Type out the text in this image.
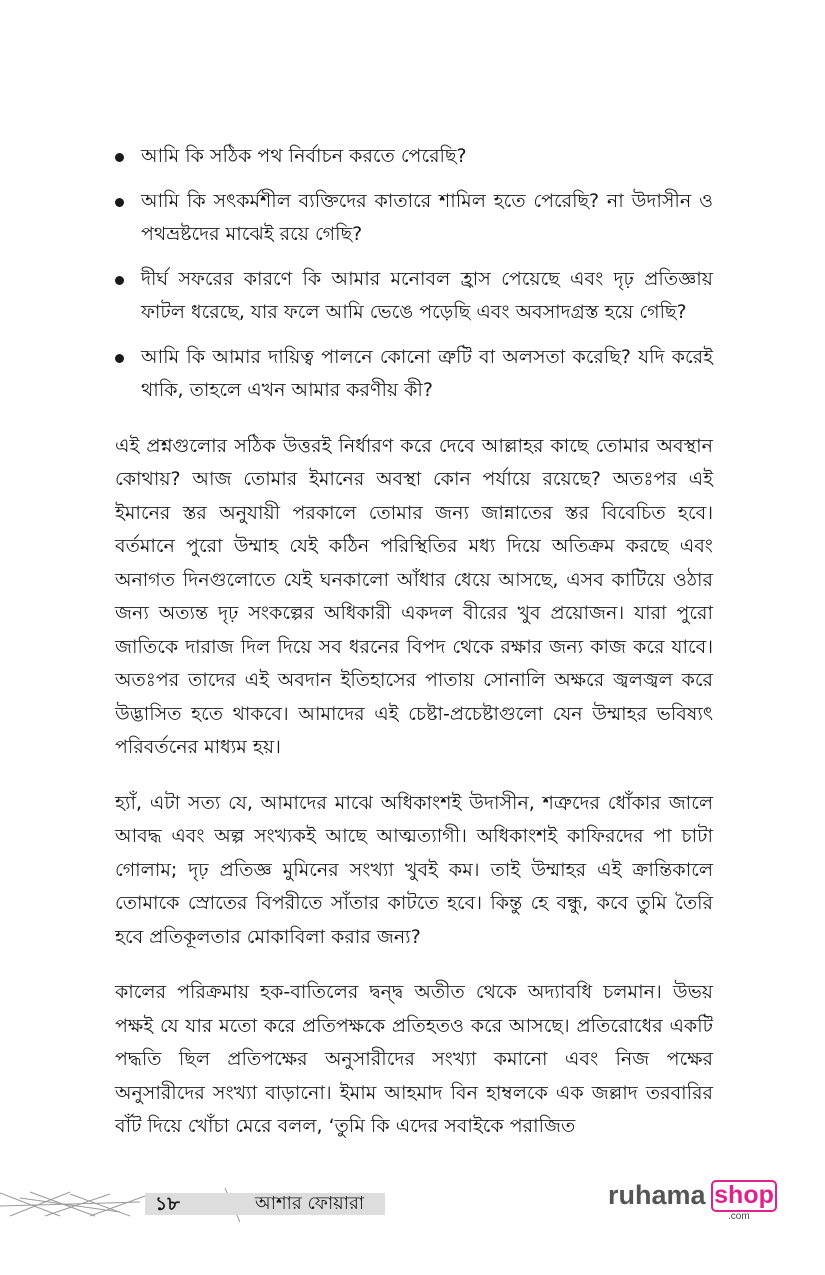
আমি কি সঠিক পথ নির্বাচন করতে পেরেছি?
আমি কি সৎকর্মশীল ব্যক্তিদের কাতারে শামিল হতে পেরেছি? না উদাসীন ও পথভ্রষ্টদের মাঝেই রয়ে গেছি?
দীর্ঘ সফরের কারণে কি আমার মনোবল হ্রাস পেয়েছে এবং দৃঢ় প্রতিজ্ঞায় ফাটল ধরেছে, যার ফলে আমি ভেঙে পড়েছি এবং অবসাদগ্রস্ত হয়ে গেছি?
আমি কি আমার দায়িত্ব পালনে কোনো ত্রুটি বা অলসতা করেছি? যদি করেই থাকি, তাহলে এখন আমার করণীয় কী?

এই প্রশ্নগুলোর সঠিক উত্তরই নির্ধারণ করে দেবে আল্লাহর কাছে তোমার অবস্থান কোথায়? আজ তোমার ইমানের অবস্থা কোন পর্যায়ে রয়েছে? অতঃপর এই ইমানের স্তর অনুযায়ী পরকালে তোমার জন্য জান্নাতের স্তর বিবেচিত হবে। বর্তমানে পুরো উম্মাহ যেই কঠিন পরিস্থিতির মধ্য দিয়ে অতিক্রম করছে এবং অনাগত দিনগুলোতে যেই ঘনকালো আঁধার ধেয়ে আসছে, এসব কাটিয়ে ওঠার জন্য অত্যন্ত দৃঢ় সংকল্পের অধিকারী একদল বীরের খুব প্রয়োজন। যারা পুরো জাতিকে দারাজ দিল দিয়ে সব ধরনের বিপদ থেকে রক্ষার জন্য কাজ করে যাবে। অতঃপর তাদের এই অবদান ইতিহাসের পাতায় সোনালি অক্ষরে জ্বলজ্বল করে উদ্ভাসিত হতে থাকবে। আমাদের এই চেষ্টা-প্রচেষ্টাগুলো যেন উম্মাহর ভবিষ্যৎ পরিবর্তনের মাধ্যম হয়।

হ্যাঁ, এটা সত্য যে, আমাদের মাঝে অধিকাংশই উদাসীন, শত্রুদের ধোঁকার জালে আবদ্ধ এবং অল্প সংখ্যকই আছে আত্মত্যাগী। অধিকাংশই কাফিরদের পা চাটা গোলাম; দৃঢ় প্রতিজ্ঞ মুমিনের সংখ্যা খুবই কম। তাই উম্মাহর এই ক্রান্তিকালে তোমাকে স্রোতের বিপরীতে সাঁতার কাটতে হবে। কিন্তু হে বন্ধু, কবে তুমি তৈরি হবে প্রতিকূলতার মোকাবিলা করার জন্য?

কালের পরিক্রমায় হক-বাতিলের দ্বন্দ্ব অতীত থেকে অদ্যাবধি চলমান। উভয় পক্ষই যে যার মতো করে প্রতিপক্ষকে প্রতিহতও করে আসছে। প্রতিরোধের একটি পদ্ধতি ছিল প্রতিপক্ষের অনুসারীদের সংখ্যা কমানো এবং নিজ পক্ষের অনুসারীদের সংখ্যা বাড়ানো। ইমাম আহমাদ বিন হাম্বলকে এক জল্লাদ তরবারির বাঁট দিয়ে খোঁচা মেরে বলল, ‘তুমি কি এদের সবাইকে পরাজিত

১৮	আশার ফোয়ারা	ruhama shop
.com
